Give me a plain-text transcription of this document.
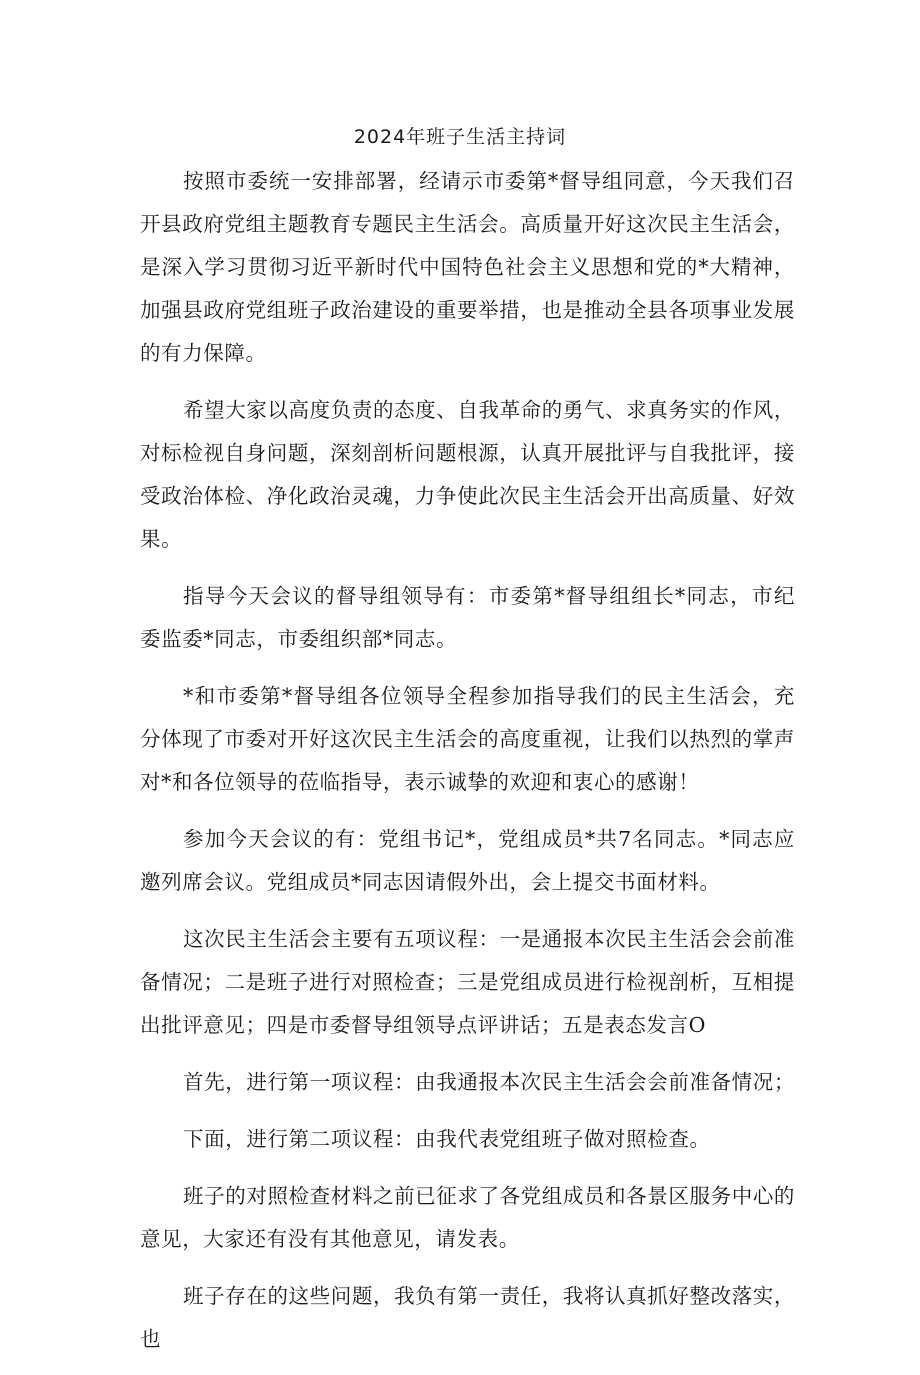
2024年班子生活主持词

按照市委统一安排部署，经请示市委第*督导组同意，今天我们召开县政府党组主题教育专题民主生活会。高质量开好这次民主生活会，是深入学习贯彻习近平新时代中国特色社会主义思想和党的*大精神，加强县政府党组班子政治建设的重要举措，也是推动全县各项事业发展的有力保障。

希望大家以高度负责的态度、自我革命的勇气、求真务实的作风，对标检视自身问题，深刻剖析问题根源，认真开展批评与自我批评，接受政治体检、净化政治灵魂，力争使此次民主生活会开出高质量、好效果。

指导今天会议的督导组领导有：市委第*督导组组长*同志，市纪委监委*同志，市委组织部*同志。

*和市委第*督导组各位领导全程参加指导我们的民主生活会，充分体现了市委对开好这次民主生活会的高度重视，让我们以热烈的掌声对*和各位领导的莅临指导，表示诚挚的欢迎和衷心的感谢！

参加今天会议的有：党组书记*，党组成员*共7名同志。*同志应邀列席会议。党组成员*同志因请假外出，会上提交书面材料。

这次民主生活会主要有五项议程：一是通报本次民主生活会会前准备情况；二是班子进行对照检查；三是党组成员进行检视剖析，互相提出批评意见；四是市委督导组领导点评讲话；五是表态发言O

首先，进行第一项议程：由我通报本次民主生活会会前准备情况；

下面，进行第二项议程：由我代表党组班子做对照检查。

班子的对照检查材料之前已征求了各党组成员和各景区服务中心的意见，大家还有没有其他意见，请发表。

班子存在的这些问题，我负有第一责任，我将认真抓好整改落实，也
